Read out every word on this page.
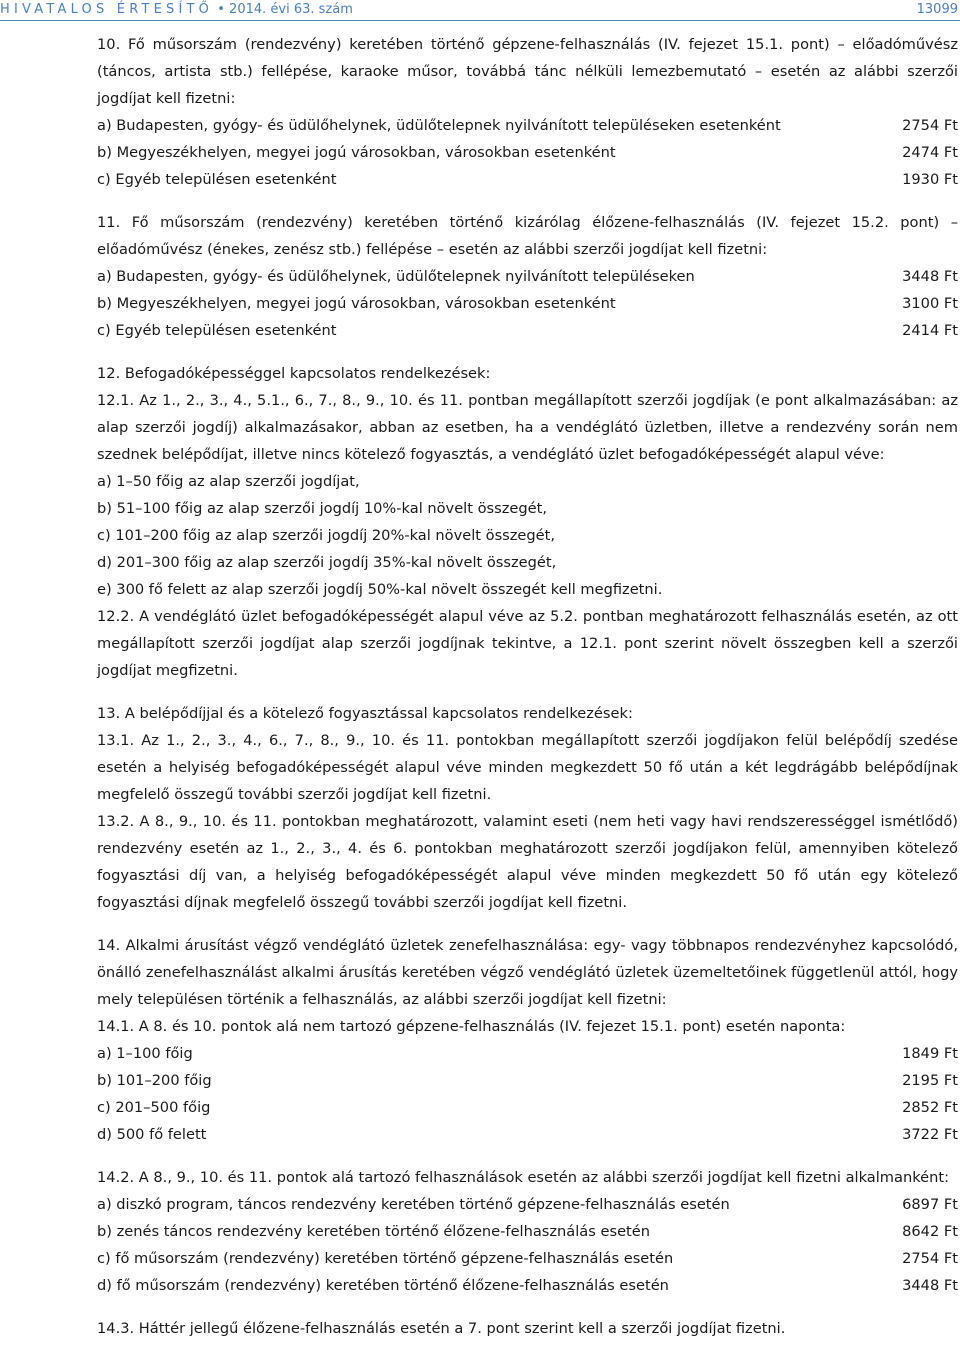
HIVATALOS ÉRTESÍTŐ • 2014. évi 63. szám	13099

10. Fő műsorszám (rendezvény) keretében történő gépzene-felhasználás (IV. fejezet 15.1. pont) – előadóművész (táncos, artista stb.) fellépése, karaoke műsor, továbbá tánc nélküli lemezbemutató – esetén az alábbi szerzői jogdíjat kell fizetni:

a) Budapesten, gyógy- és üdülőhelynek, üdülőtelepnek nyilvánított településeken esetenként	2754 Ft
b) Megyeszékhelyen, megyei jogú városokban, városokban esetenként	2474 Ft
c) Egyéb településen esetenként	1930 Ft

11. Fő műsorszám (rendezvény) keretében történő kizárólag élőzene-felhasználás (IV. fejezet 15.2. pont) – előadóművész (énekes, zenész stb.) fellépése – esetén az alábbi szerzői jogdíjat kell fizetni:

a) Budapesten, gyógy- és üdülőhelynek, üdülőtelepnek nyilvánított településeken	3448 Ft
b) Megyeszékhelyen, megyei jogú városokban, városokban esetenként	3100 Ft
c) Egyéb településen esetenként	2414 Ft

12. Befogadóképességgel kapcsolatos rendelkezések:

12.1. Az 1., 2., 3., 4., 5.1., 6., 7., 8., 9., 10. és 11. pontban megállapított szerzői jogdíjak (e pont alkalmazásában: az alap szerzői jogdíj) alkalmazásakor, abban az esetben, ha a vendéglátó üzletben, illetve a rendezvény során nem szednek belépődíjat, illetve nincs kötelező fogyasztás, a vendéglátó üzlet befogadóképességét alapul véve:

a) 1–50 főig az alap szerzői jogdíjat,

b) 51–100 főig az alap szerzői jogdíj 10%-kal növelt összegét,

c) 101–200 főig az alap szerzői jogdíj 20%-kal növelt összegét,

d) 201–300 főig az alap szerzői jogdíj 35%-kal növelt összegét,

e) 300 fő felett az alap szerzői jogdíj 50%-kal növelt összegét kell megfizetni.

12.2. A vendéglátó üzlet befogadóképességét alapul véve az 5.2. pontban meghatározott felhasználás esetén, az ott megállapított szerzői jogdíjat alap szerzői jogdíjnak tekintve, a 12.1. pont szerint növelt összegben kell a szerzői jogdíjat megfizetni.

13. A belépődíjjal és a kötelező fogyasztással kapcsolatos rendelkezések:

13.1. Az 1., 2., 3., 4., 6., 7., 8., 9., 10. és 11. pontokban megállapított szerzői jogdíjakon felül belépődíj szedése esetén a helyiség befogadóképességét alapul véve minden megkezdett 50 fő után a két legdrágább belépődíjnak megfelelő összegű további szerzői jogdíjat kell fizetni.

13.2. A 8., 9., 10. és 11. pontokban meghatározott, valamint eseti (nem heti vagy havi rendszerességgel ismétlődő) rendezvény esetén az 1., 2., 3., 4. és 6. pontokban meghatározott szerzői jogdíjakon felül, amennyiben kötelező fogyasztási díj van, a helyiség befogadóképességét alapul véve minden megkezdett 50 fő után egy kötelező fogyasztási díjnak megfelelő összegű további szerzői jogdíjat kell fizetni.

14. Alkalmi árusítást végző vendéglátó üzletek zenefelhasználása: egy- vagy többnapos rendezvényhez kapcsolódó, önálló zenefelhasználást alkalmi árusítás keretében végző vendéglátó üzletek üzemeltetőinek függetlenül attól, hogy mely településen történik a felhasználás, az alábbi szerzői jogdíjat kell fizetni:

14.1. A 8. és 10. pontok alá nem tartozó gépzene-felhasználás (IV. fejezet 15.1. pont) esetén naponta:

a) 1–100 főig	1849 Ft
b) 101–200 főig	2195 Ft
c) 201–500 főig	2852 Ft
d) 500 fő felett	3722 Ft

14.2. A 8., 9., 10. és 11. pontok alá tartozó felhasználások esetén az alábbi szerzői jogdíjat kell fizetni alkalmanként:

a) diszkó program, táncos rendezvény keretében történő gépzene-felhasználás esetén	6897 Ft
b) zenés táncos rendezvény keretében történő élőzene-felhasználás esetén	8642 Ft
c) fő műsorszám (rendezvény) keretében történő gépzene-felhasználás esetén	2754 Ft
d) fő műsorszám (rendezvény) keretében történő élőzene-felhasználás esetén	3448 Ft

14.3. Háttér jellegű élőzene-felhasználás esetén a 7. pont szerint kell a szerzői jogdíjat fizetni.
